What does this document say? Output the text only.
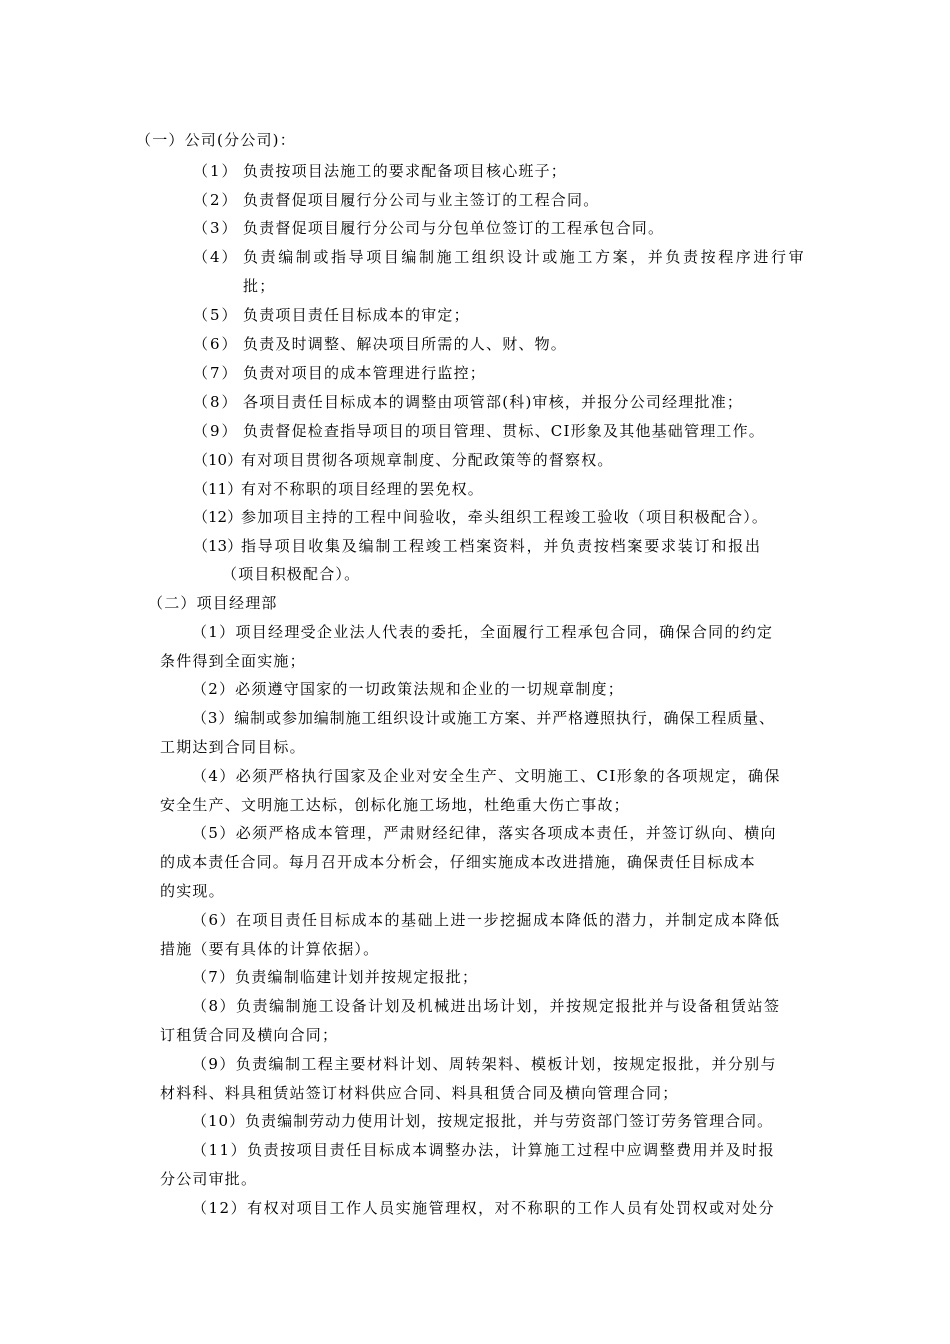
（一）公司(分公司)：
（1） 负责按项目法施工的要求配备项目核心班子；
（2） 负责督促项目履行分公司与业主签订的工程合同。
（3） 负责督促项目履行分公司与分包单位签订的工程承包合同。
（4） 负责编制或指导项目编制施工组织设计或施工方案，并负责按程序进行审
批；
（5） 负责项目责任目标成本的审定；
（6） 负责及时调整、解决项目所需的人、财、物。
（7） 负责对项目的成本管理进行监控；
（8） 各项目责任目标成本的调整由项管部(科)审核，并报分公司经理批准；
（9） 负责督促检查指导项目的项目管理、贯标、CI形象及其他基础管理工作。
（10）有对项目贯彻各项规章制度、分配政策等的督察权。
（11）有对不称职的项目经理的罢免权。
（12）参加项目主持的工程中间验收，牵头组织工程竣工验收（项目积极配合）。
（13）指导项目收集及编制工程竣工档案资料，并负责按档案要求装订和报出
（项目积极配合）。
（二）项目经理部
（1）项目经理受企业法人代表的委托，全面履行工程承包合同，确保合同的约定
条件得到全面实施；
（2）必须遵守国家的一切政策法规和企业的一切规章制度；
（3）编制或参加编制施工组织设计或施工方案、并严格遵照执行，确保工程质量、
工期达到合同目标。
（4）必须严格执行国家及企业对安全生产、文明施工、CI形象的各项规定，确保
安全生产、文明施工达标，创标化施工场地，杜绝重大伤亡事故；
（5）必须严格成本管理，严肃财经纪律，落实各项成本责任，并签订纵向、横向
的成本责任合同。每月召开成本分析会，仔细实施成本改进措施，确保责任目标成本
的实现。
（6）在项目责任目标成本的基础上进一步挖掘成本降低的潜力，并制定成本降低
措施（要有具体的计算依据）。
（7）负责编制临建计划并按规定报批；
（8）负责编制施工设备计划及机械进出场计划，并按规定报批并与设备租赁站签
订租赁合同及横向合同；
（9）负责编制工程主要材料计划、周转架料、模板计划，按规定报批，并分别与
材料科、料具租赁站签订材料供应合同、料具租赁合同及横向管理合同；
（10）负责编制劳动力使用计划，按规定报批，并与劳资部门签订劳务管理合同。
（11）负责按项目责任目标成本调整办法，计算施工过程中应调整费用并及时报
分公司审批。
（12）有权对项目工作人员实施管理权，对不称职的工作人员有处罚权或对处分
